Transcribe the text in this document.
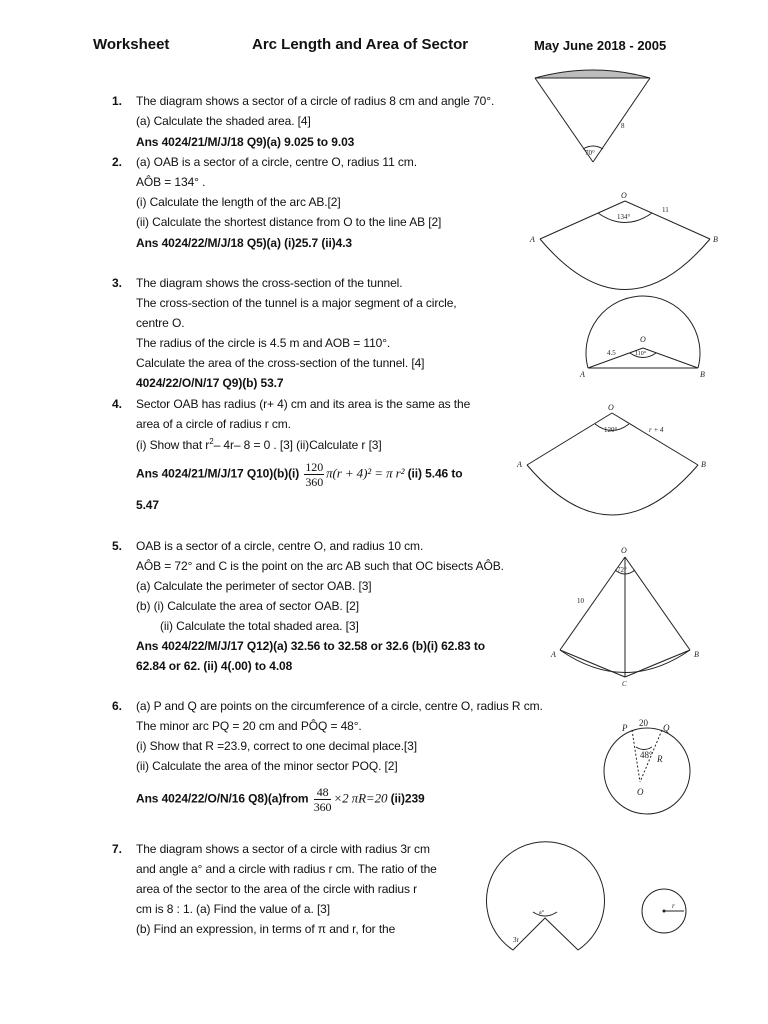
Worksheet	Arc Length and Area of Sector	May June 2018 - 2005
1. The diagram shows a sector of a circle of radius 8 cm and angle 70°.
(a) Calculate the shaded area. [4]
Ans 4024/21/M/J/18 Q9)(a) 9.025 to 9.03
2. (a) OAB is a sector of a circle, centre O, radius 11 cm.
AÔB = 134° .
(i) Calculate the length of the arc AB.[2]
(ii) Calculate the shortest distance from O to the line AB [2]
Ans 4024/22/M/J/18 Q5)(a) (i)25.7 (ii)4.3
3. The diagram shows the cross-section of the tunnel.
The cross-section of the tunnel is a major segment of a circle,
centre O.
The radius of the circle is 4.5 m and AOB = 110°.
Calculate the area of the cross-section of the tunnel. [4]
4024/22/O/N/17 Q9)(b) 53.7
4. Sector OAB has radius (r+ 4) cm and its area is the same as the
area of a circle of radius r cm.
(i) Show that $r^2-$ 4r– 8 = 0 . [3] (ii)Calculate r [3]
Ans 4024/21/M/J/17 $Q10)(b)(i) \frac{120}{360} \pi(r + 4)^2 = \pi$ r² (ii) 5.46 to
5.47
5. OAB is a sector of a circle, centre O, and radius 10 cm.
AÔB = 72° and C is the point on the arc AB such that OC bisects AÔB.
(a) Calculate the perimeter of sector OAB. [3]
(b) (i) Calculate the area of sector OAB. [2]
(ii) Calculate the total shaded area. [3]
Ans 4024/22/M/J/17 Q12)(a) 32.56 to 32.58 or 32.6 (b)(i) 62.83 to
62.84 or 62. (ii) 4(.00) to 4.08
6. (a) P and Q are points on the circumference of a circle, centre O, radius R cm.
The minor arc PQ = 20 cm and PÔQ = 48°.
(i) Show that R =23.9, correct to one decimal place.[3]
(ii) Calculate the area of the minor sector POQ. [2]
Ans 4024/22/O/N/16 Q8)(a)from $\frac{48}{360} \times 2$ πR=20 (ii)239
7. The diagram shows a sector of a circle with radius 3r cm
and angle a° and a circle with radius r cm. The ratio of the
area of the sector to the area of the circle with radius r
cm is 8 : 1. (a) Find the value of a. [3]
(b) Find an expression, in terms of π and r, for the
70°
8
O
A	B
134°
11
O
A	B
110°
4.5
O
A	B
120°	r + 4
O
A	B
C
72°
10
P	Q
O
20
48° R
a°
3r
r
